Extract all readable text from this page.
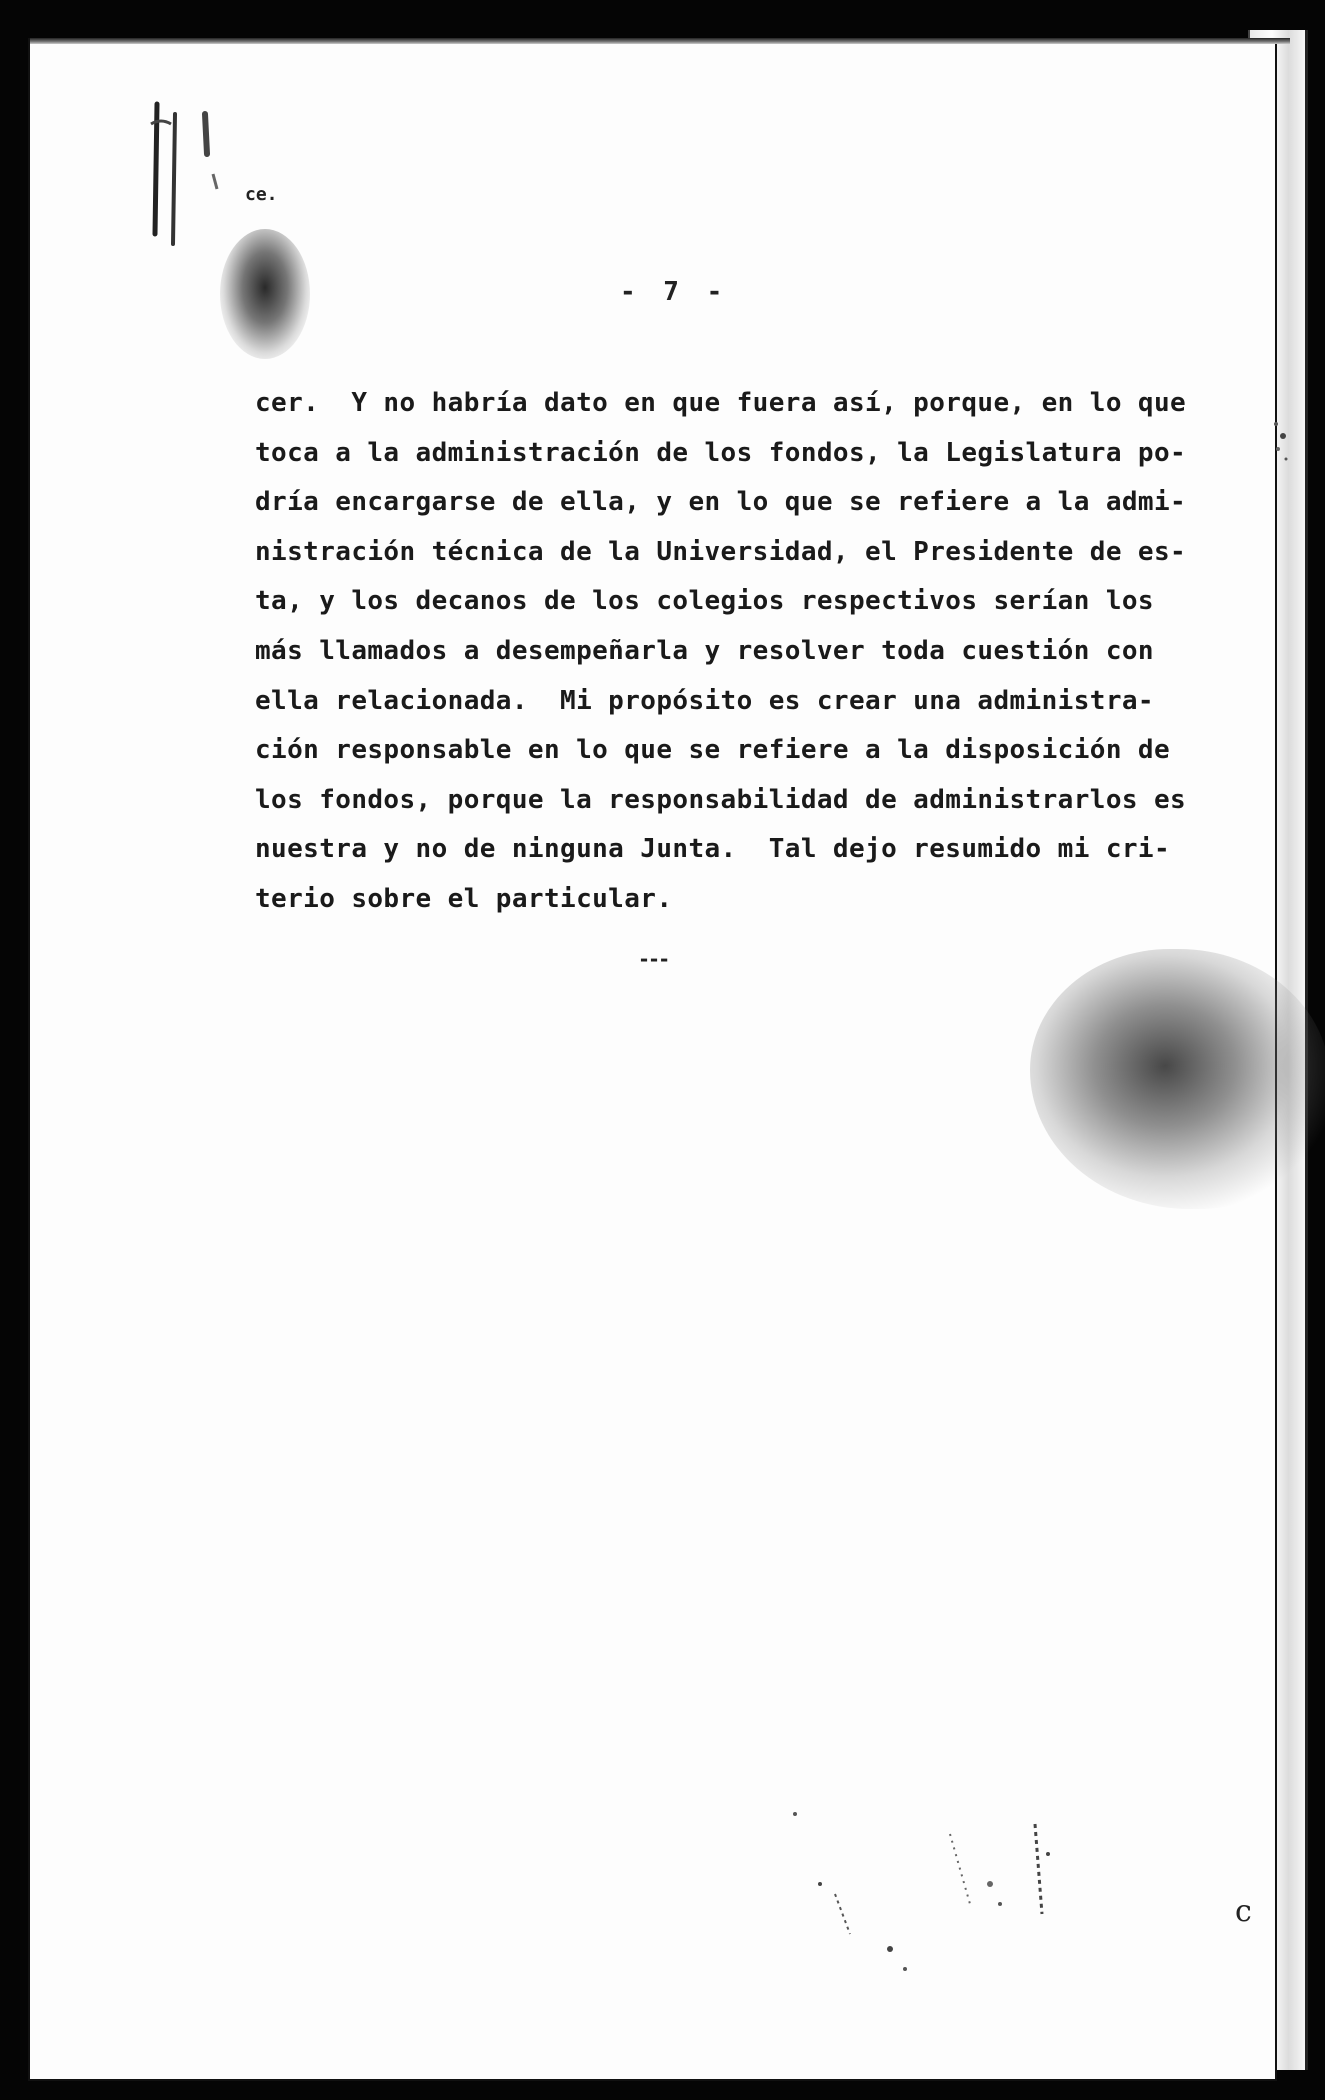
ce.
- 7 -
cer.  Y no habría dato en que fuera así, porque, en lo que
toca a la administración de los fondos, la Legislatura po-
dría encargarse de ella, y en lo que se refiere a la admi-
nistración técnica de la Universidad, el Presidente de es-
ta, y los decanos de los colegios respectivos serían los
más llamados a desempeñarla y resolver toda cuestión con
ella relacionada.  Mi propósito es crear una administra-
ción responsable en lo que se refiere a la disposición de
los fondos, porque la responsabilidad de administrarlos es
nuestra y no de ninguna Junta.  Tal dejo resumido mi cri-
terio sobre el particular.
---
c
